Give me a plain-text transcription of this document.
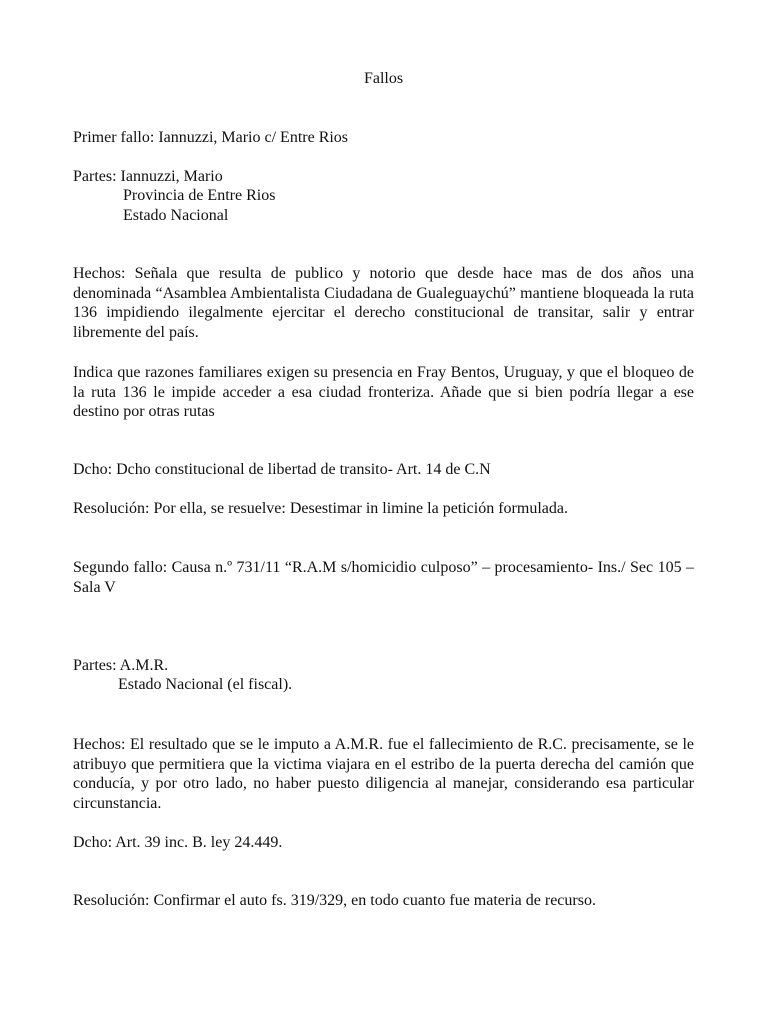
Fallos
Primer fallo: Iannuzzi, Mario c/ Entre Rios
Partes: Iannuzzi, Mario
Provincia de Entre Rios
Estado Nacional
Hechos: Señala que resulta de publico y notorio que desde hace mas de dos años una denominada “Asamblea Ambientalista Ciudadana de Gualeguaychú” mantiene bloqueada la ruta 136 impidiendo ilegalmente ejercitar el derecho constitucional de transitar, salir y entrar libremente del país.
Indica que razones familiares exigen su presencia en Fray Bentos, Uruguay, y que el bloqueo de la ruta 136 le impide acceder a esa ciudad fronteriza. Añade que si bien podría llegar a ese destino por otras rutas
Dcho: Dcho constitucional de libertad de transito- Art. 14 de C.N
Resolución: Por ella, se resuelve: Desestimar in limine la petición formulada.
Segundo fallo: Causa n.º 731/11 “R.A.M s/homicidio culposo” – procesamiento- Ins./ Sec 105 –Sala V
Partes: A.M.R.
Estado Nacional (el fiscal).
Hechos: El resultado que se le imputo a A.M.R. fue el fallecimiento de R.C. precisamente, se le atribuyo que permitiera que la victima viajara en el estribo de la puerta derecha del camión que conducía, y por otro lado, no haber puesto diligencia al manejar, considerando esa particular circunstancia.
Dcho: Art. 39 inc. B. ley 24.449.
Resolución: Confirmar el auto fs. 319/329, en todo cuanto fue materia de recurso.
